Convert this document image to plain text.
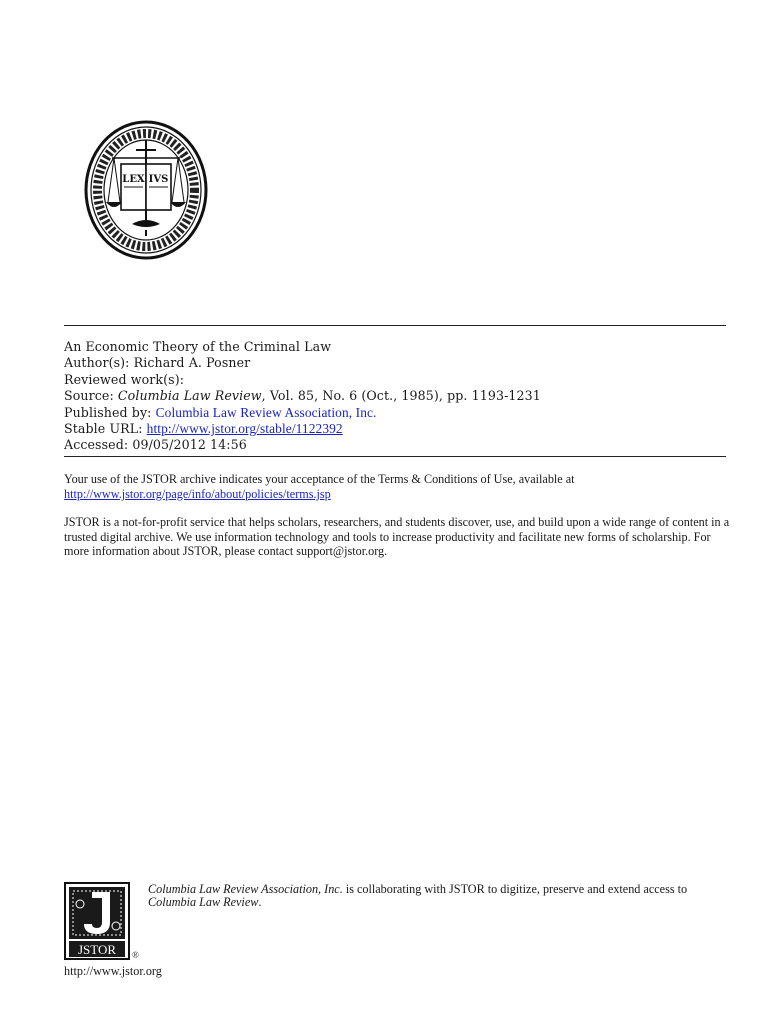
LEX IVS
An Economic Theory of the Criminal Law
Author(s): Richard A. Posner
Reviewed work(s):
Source: Columbia Law Review, Vol. 85, No. 6 (Oct., 1985), pp. 1193-1231
Published by: Columbia Law Review Association, Inc.
Stable URL: http://www.jstor.org/stable/1122392
Accessed: 09/05/2012 14:56
Your use of the JSTOR archive indicates your acceptance of the Terms & Conditions of Use, available at
http://www.jstor.org/page/info/about/policies/terms.jsp
JSTOR is a not-for-profit service that helps scholars, researchers, and students discover, use, and build upon a wide range of content in a trusted digital archive. We use information technology and tools to increase productivity and facilitate new forms of scholarship. For more information about JSTOR, please contact support@jstor.org.
JSTOR ®
Columbia Law Review Association, Inc. is collaborating with JSTOR to digitize, preserve and extend access to
Columbia Law Review.
http://www.jstor.org
